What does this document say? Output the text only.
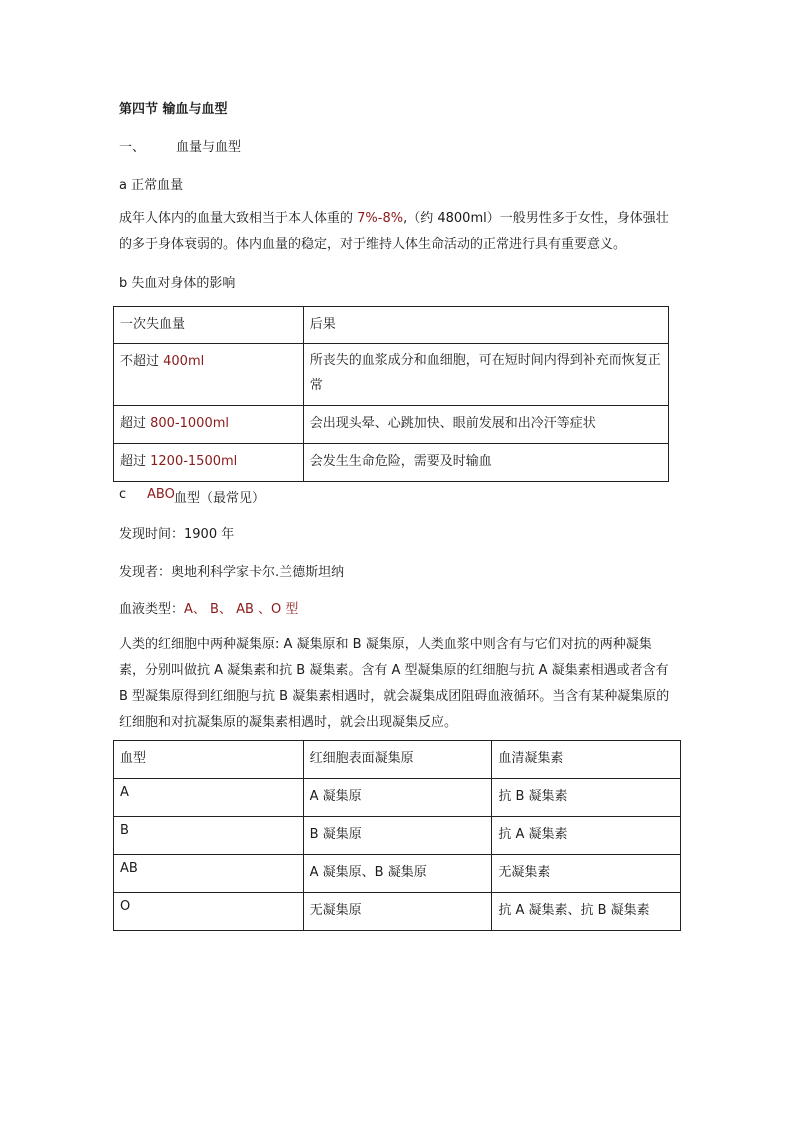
第四节 输血与血型
一、 血量与血型
a 正常血量
成年人体内的血量大致相当于本人体重的 7%-8%,（约 4800ml）一般男性多于女性，身体强壮的多于身体衰弱的。体内血量的稳定，对于维持人体生命活动的正常进行具有重要意义。
b 失血对身体的影响
一次失血量	后果
不超过 400ml	所丧失的血浆成分和血细胞，可在短时间内得到补充而恢复正常
超过 800-1000ml	会出现头晕、心跳加快、眼前发展和出冷汗等症状
超过 1200-1500ml	会发生生命危险，需要及时输血
c ABO 血型（最常见）
发现时间：1900 年
发现者：奥地利科学家卡尔.兰德斯坦纳
血液类型：A、 B、 AB 、O 型
人类的红细胞中两种凝集原: A 凝集原和 B 凝集原，人类血浆中则含有与它们对抗的两种凝集素，分别叫做抗 A 凝集素和抗 B 凝集素。含有 A 型凝集原的红细胞与抗 A 凝集素相遇或者含有 B 型凝集原得到红细胞与抗 B 凝集素相遇时，就会凝集成团阻碍血液循环。当含有某种凝集原的红细胞和对抗凝集原的凝集素相遇时，就会出现凝集反应。
血型	红细胞表面凝集原	血清凝集素
A	A 凝集原	抗 B 凝集素
B	B 凝集原	抗 A 凝集素
AB	A 凝集原、B 凝集原	无凝集素
O	无凝集原	抗 A 凝集素、抗 B 凝集素
